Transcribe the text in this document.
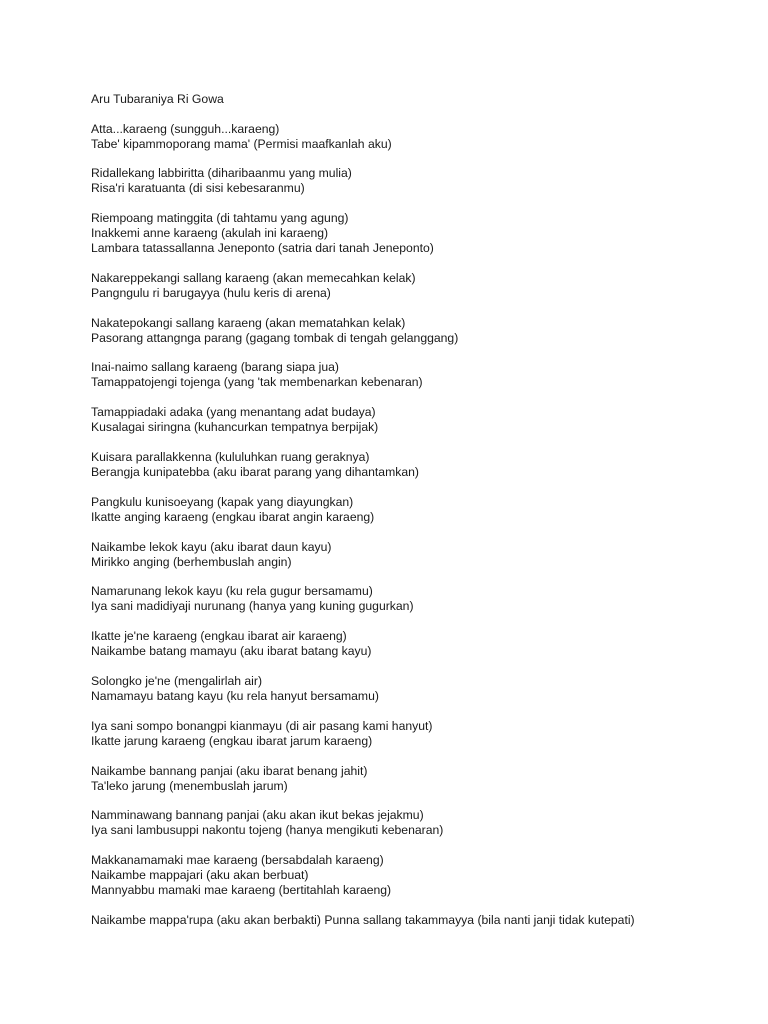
Aru Tubaraniya Ri Gowa
Atta...karaeng (sungguh...karaeng)
Tabe' kipammoporang mama' (Permisi maafkanlah aku)
Ridallekang labbiritta (diharibaanmu yang mulia)
Risa'ri karatuanta (di sisi kebesaranmu)
Riempoang matinggita (di tahtamu yang agung)
Inakkemi anne karaeng (akulah ini karaeng)
Lambara tatassallanna Jeneponto (satria dari tanah Jeneponto)
Nakareppekangi sallang karaeng (akan memecahkan kelak)
Pangngulu ri barugayya (hulu keris di arena)
Nakatepokangi sallang karaeng (akan mematahkan kelak)
Pasorang attangnga parang (gagang tombak di tengah gelanggang)
Inai-naimo sallang karaeng (barang siapa jua)
Tamappatojengi tojenga (yang 'tak membenarkan kebenaran)
Tamappiadaki adaka (yang menantang adat budaya)
Kusalagai siringna (kuhancurkan tempatnya berpijak)
Kuisara parallakkenna (kululuhkan ruang geraknya)
Berangja kunipatebba (aku ibarat parang yang dihantamkan)
Pangkulu kunisoeyang (kapak yang diayungkan)
Ikatte anging karaeng (engkau ibarat angin karaeng)
Naikambe lekok kayu (aku ibarat daun kayu)
Mirikko anging (berhembuslah angin)
Namarunang lekok kayu (ku rela gugur bersamamu)
Iya sani madidiyaji nurunang (hanya yang kuning gugurkan)
Ikatte je'ne karaeng (engkau ibarat air karaeng)
Naikambe batang mamayu (aku ibarat batang kayu)
Solongko je'ne (mengalirlah air)
Namamayu batang kayu (ku rela hanyut bersamamu)
Iya sani sompo bonangpi kianmayu (di air pasang kami hanyut)
Ikatte jarung karaeng (engkau ibarat jarum karaeng)
Naikambe bannang panjai (aku ibarat benang jahit)
Ta'leko jarung (menembuslah jarum)
Namminawang bannang panjai (aku akan ikut bekas jejakmu)
Iya sani lambusuppi nakontu tojeng (hanya mengikuti kebenaran)
Makkanamamaki mae karaeng (bersabdalah karaeng)
Naikambe mappajari (aku akan berbuat)
Mannyabbu mamaki mae karaeng (bertitahlah karaeng)
Naikambe mappa'rupa (aku akan berbakti) Punna sallang takammayya (bila nanti janji tidak kutepati)
